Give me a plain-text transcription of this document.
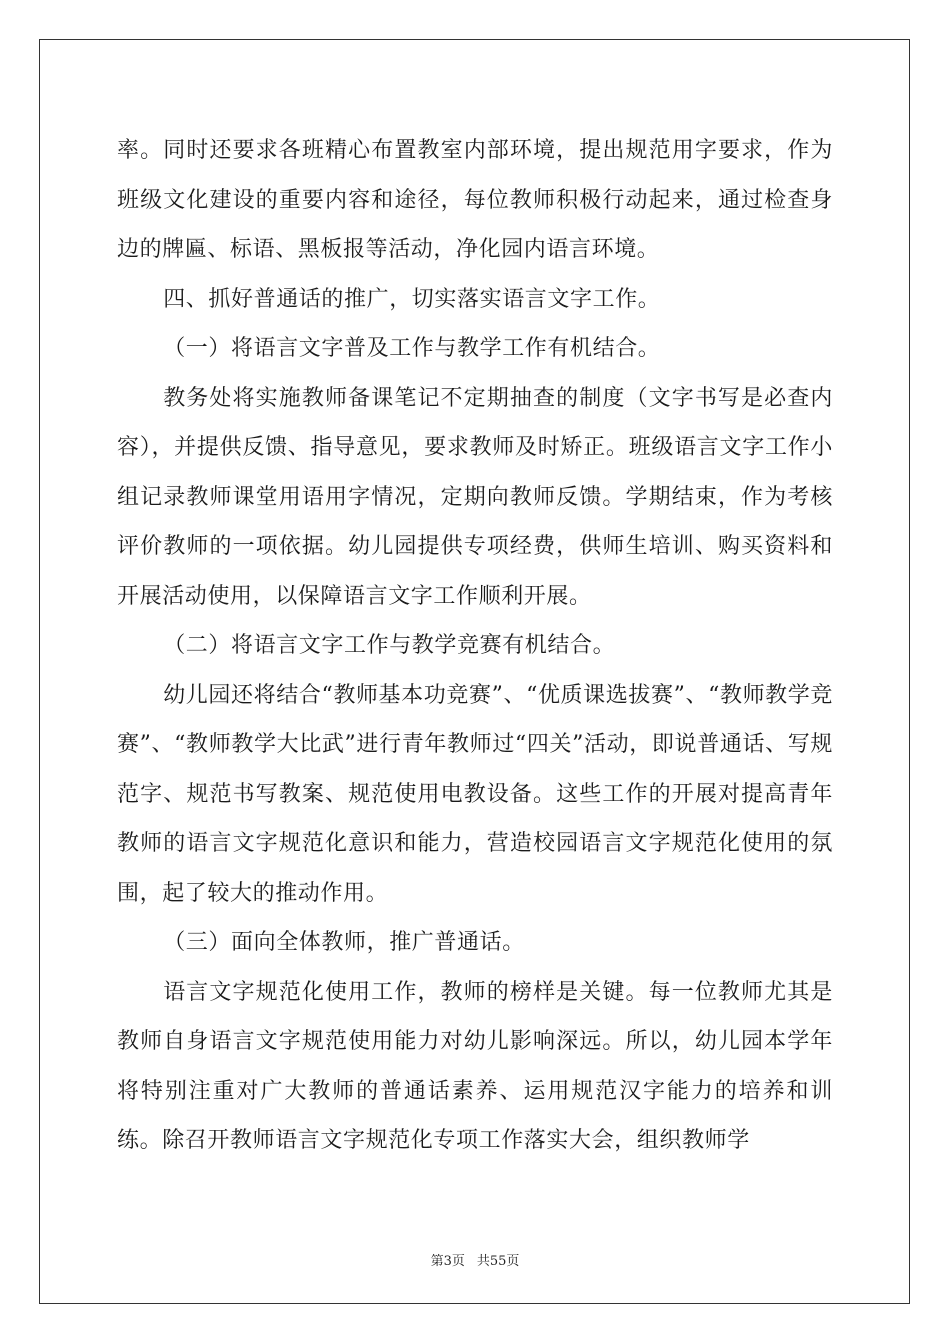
率。同时还要求各班精心布置教室内部环境，提出规范用字要求，作为班级文化建设的重要内容和途径，每位教师积极行动起来，通过检查身边的牌匾、标语、黑板报等活动，净化园内语言环境。

四、抓好普通话的推广，切实落实语言文字工作。

（一）将语言文字普及工作与教学工作有机结合。

教务处将实施教师备课笔记不定期抽查的制度（文字书写是必查内容），并提供反馈、指导意见，要求教师及时矫正。班级语言文字工作小组记录教师课堂用语用字情况，定期向教师反馈。学期结束，作为考核评价教师的一项依据。幼儿园提供专项经费，供师生培训、购买资料和开展活动使用，以保障语言文字工作顺利开展。

（二）将语言文字工作与教学竞赛有机结合。

幼儿园还将结合“教师基本功竞赛”、“优质课选拔赛”、“教师教学竞赛”、“教师教学大比武”进行青年教师过“四关”活动，即说普通话、写规范字、规范书写教案、规范使用电教设备。这些工作的开展对提高青年教师的语言文字规范化意识和能力，营造校园语言文字规范化使用的氛围，起了较大的推动作用。

（三）面向全体教师，推广普通话。

语言文字规范化使用工作，教师的榜样是关键。每一位教师尤其是教师自身语言文字规范使用能力对幼儿影响深远。所以，幼儿园本学年将特别注重对广大教师的普通话素养、运用规范汉字能力的培养和训练。除召开教师语言文字规范化专项工作落实大会，组织教师学

第3页 共55页
